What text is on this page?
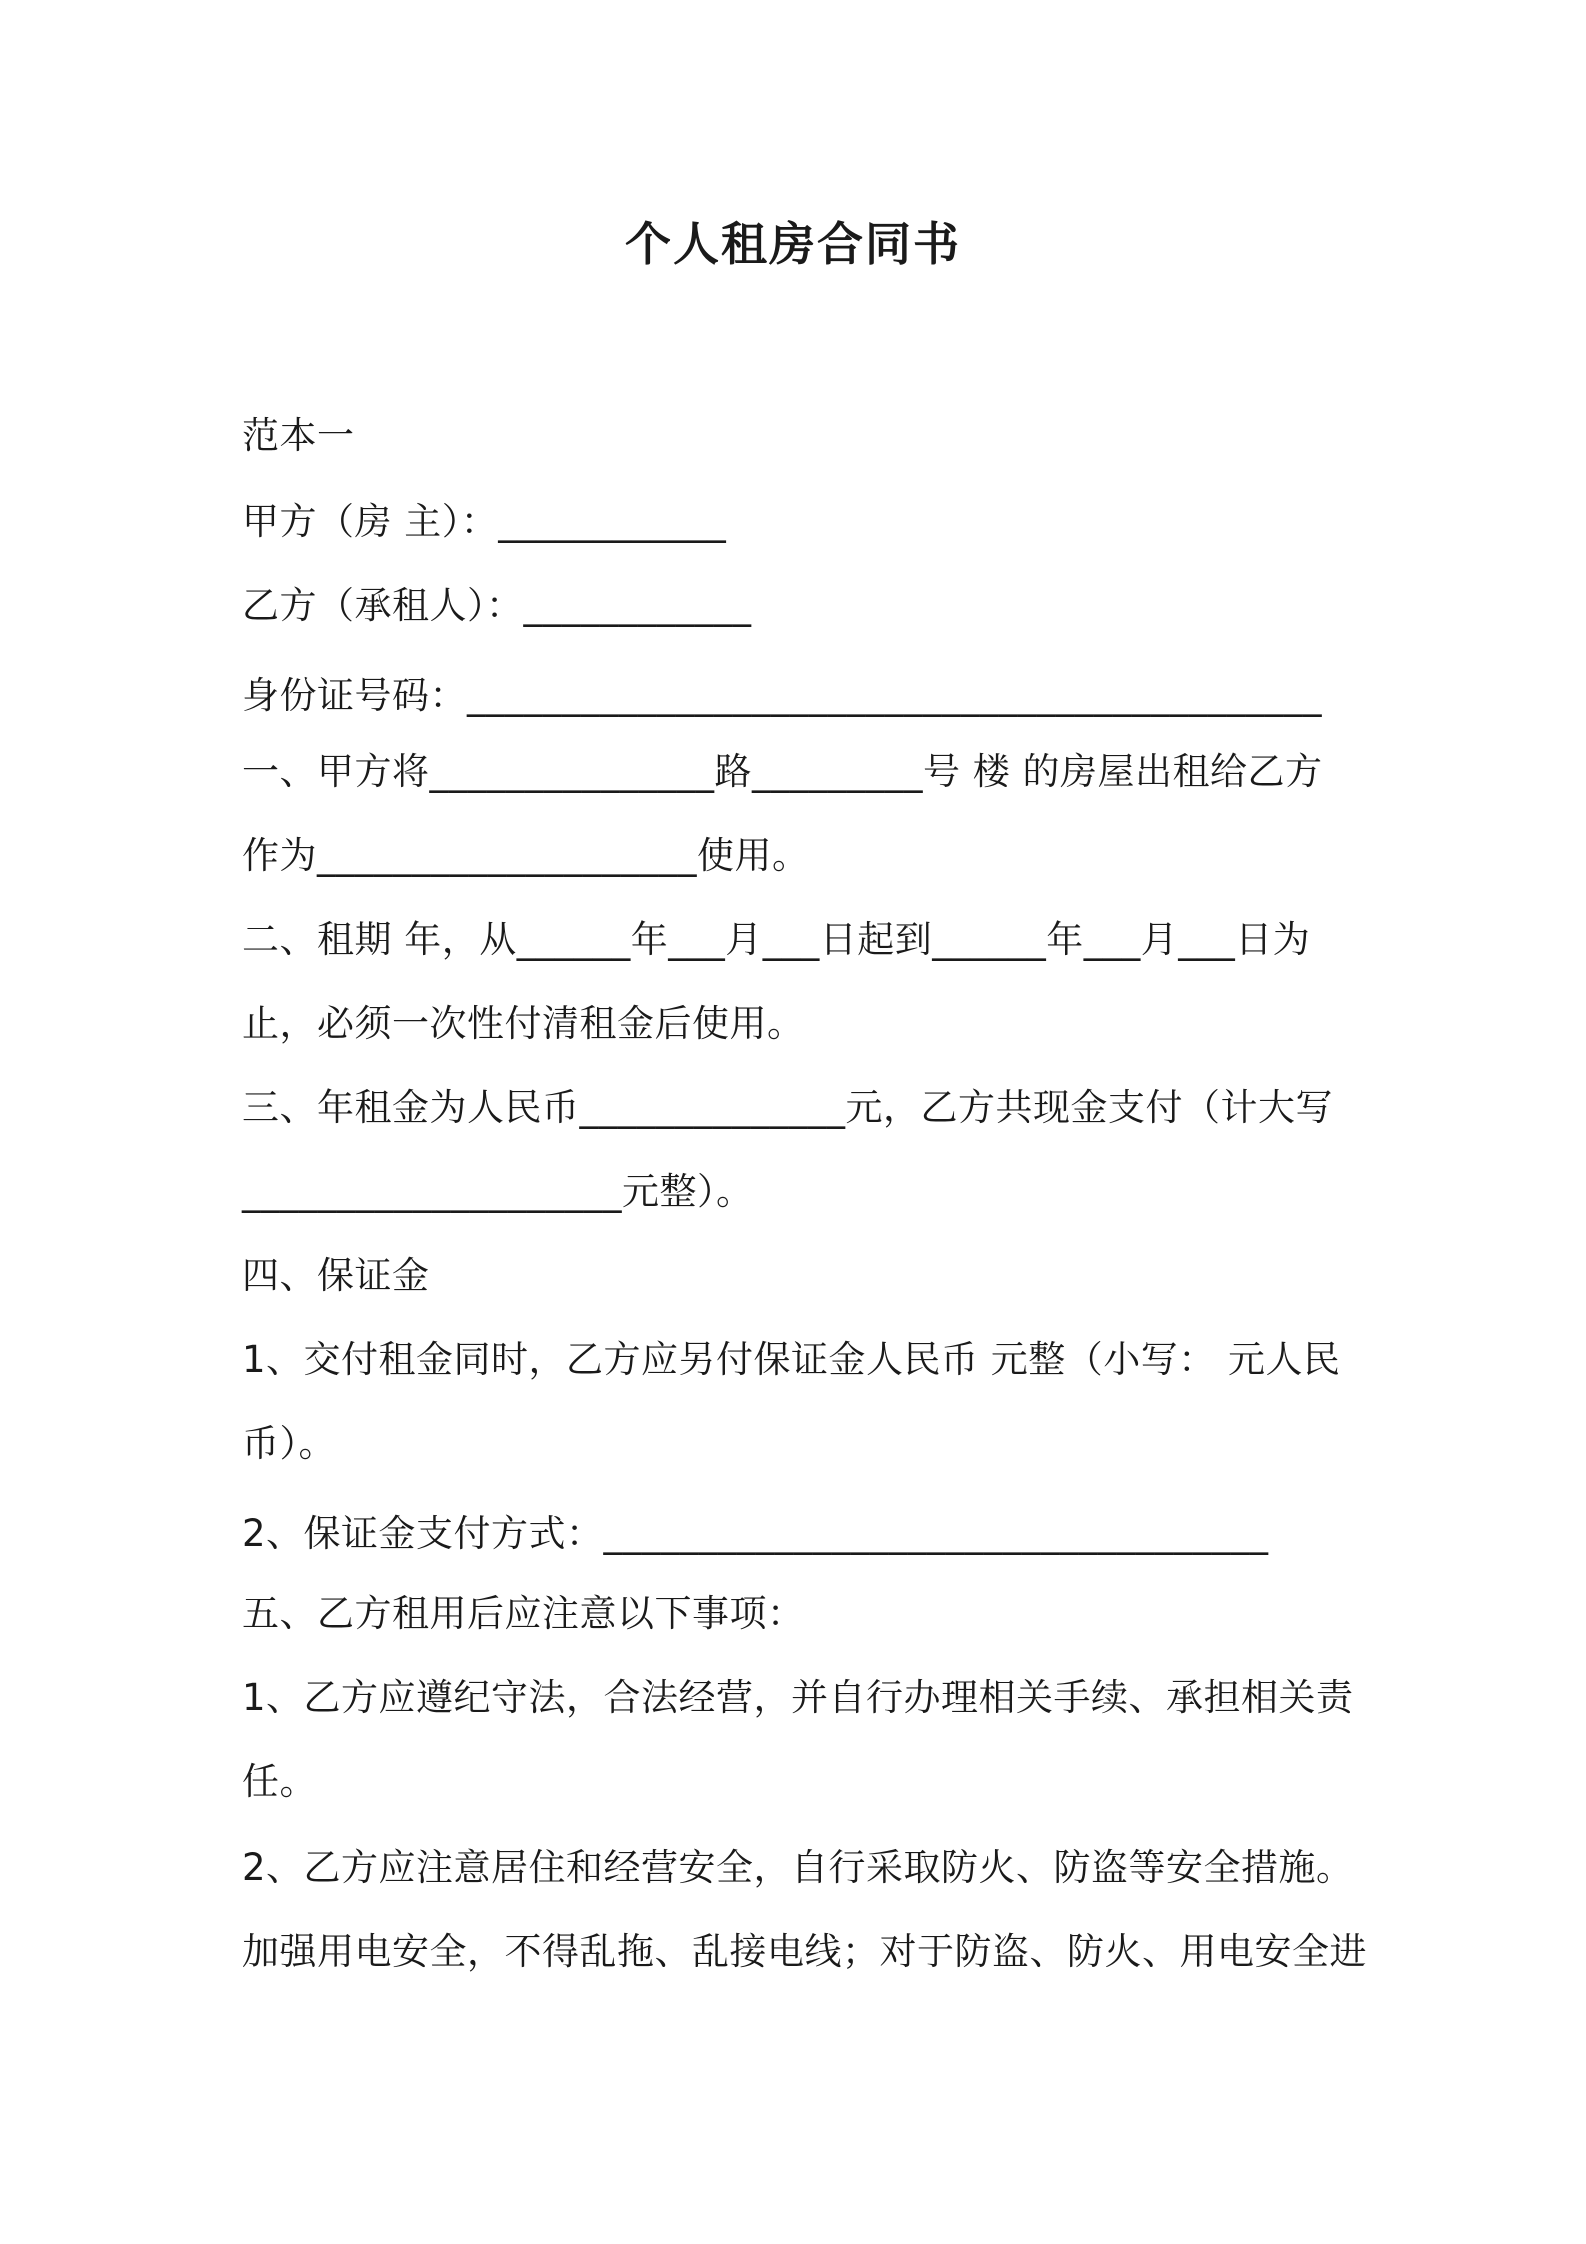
个人租房合同书
范本一
甲方（房 主）：____________
乙方（承租人）：____________
身份证号码：_____________________________________________
一、甲方将_______________路_________号 楼 的房屋出租给乙方
作为____________________使用。
二、租期 年，从______年___月___日起到______年___月___日为
止，必须一次性付清租金后使用。
三、年租金为人民币______________元，乙方共现金支付（计大写
____________________元整）。
四、保证金
1、交付租金同时，乙方应另付保证金人民币 元整（小写： 元人民
币）。
2、保证金支付方式：___________________________________
五、乙方租用后应注意以下事项：
1、乙方应遵纪守法，合法经营，并自行办理相关手续、承担相关责
任。
2、乙方应注意居住和经营安全，自行采取防火、防盗等安全措施。
加强用电安全，不得乱拖、乱接电线；对于防盗、防火、用电安全进
